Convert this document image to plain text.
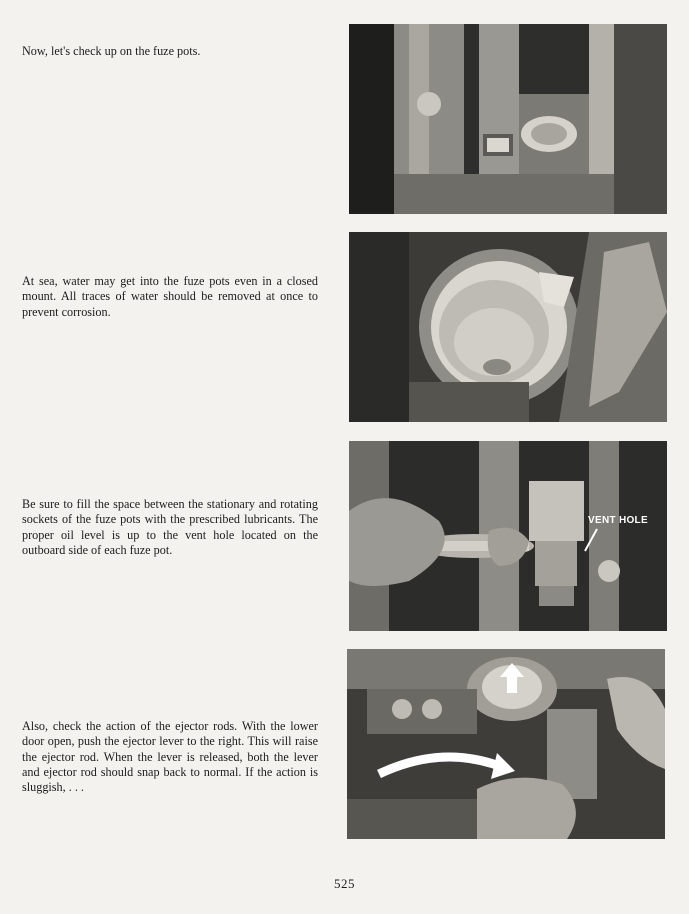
Now, let's check up on the fuze pots.

At sea, water may get into the fuze pots even in a closed mount. All traces of water should be removed at once to prevent corrosion.

Be sure to fill the space between the stationary and rotating sockets of the fuze pots with the prescribed lubricants. The proper oil level is up to the vent hole located on the outboard side of each fuze pot.

Also, check the action of the ejector rods. With the lower door open, push the ejector lever to the right. This will raise the ejector rod. When the lever is released, both the lever and ejector rod should snap back to normal. If the action is sluggish, . . .

VENT HOLE
525
